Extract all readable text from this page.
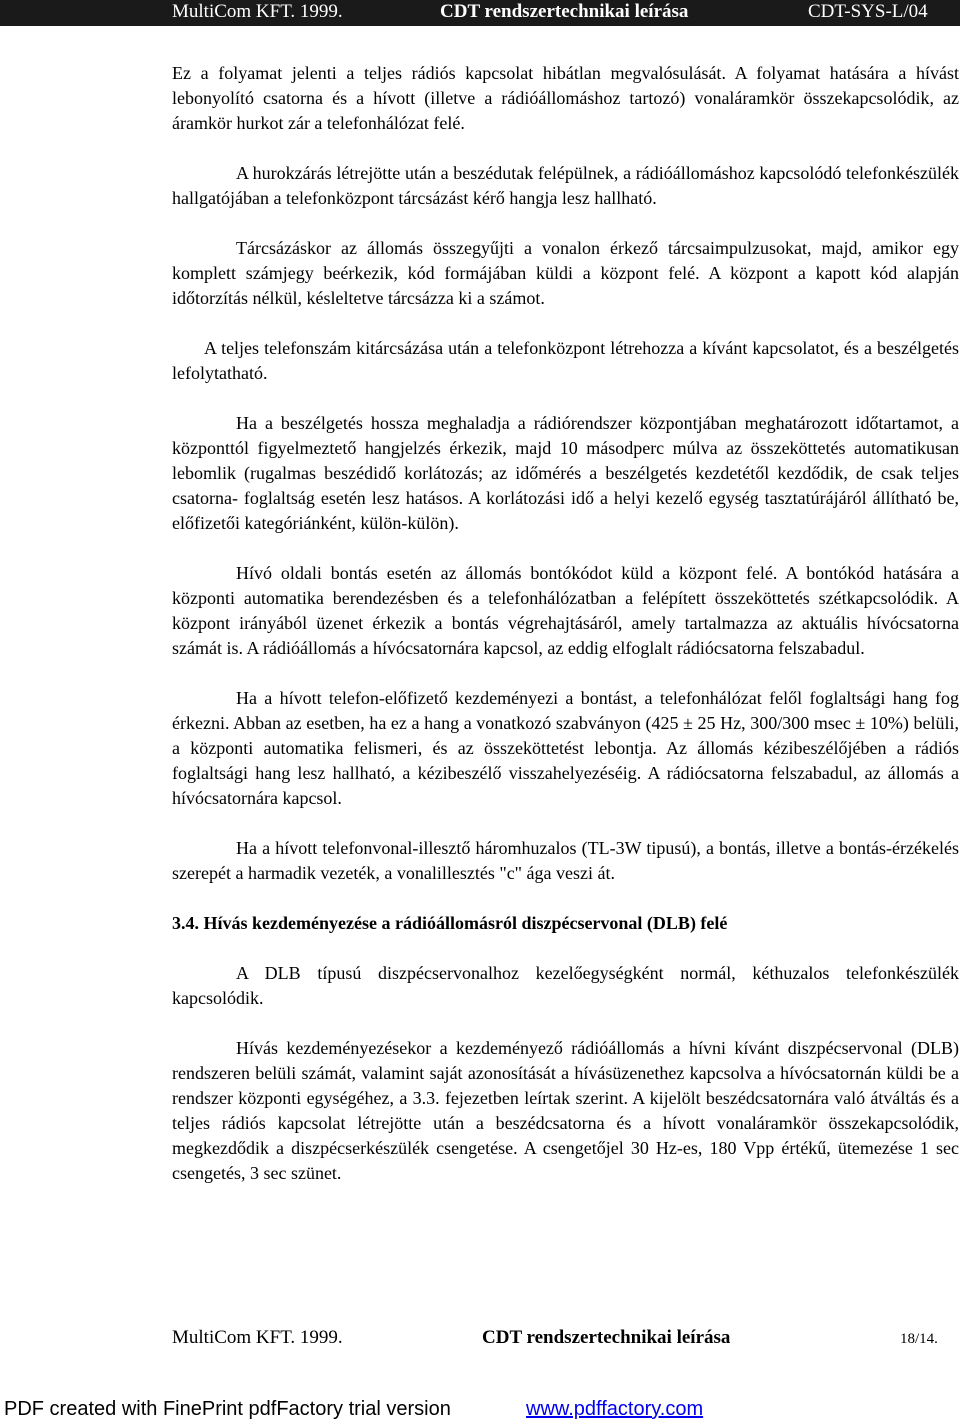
MultiCom KFT. 1999.	CDT rendszertechnikai leírása	CDT-SYS-L/04

Ez a folyamat jelenti a teljes rádiós kapcsolat hibátlan megvalósulását. A folyamat hatására a hívást lebonyolító csatorna és a hívott (illetve a rádióállomáshoz tartozó) vonaláramkör összekapcsolódik, az áramkör hurkot zár a telefonhálózat felé.

A hurokzárás létrejötte után a beszédutak felépülnek, a rádióállomáshoz kapcsolódó telefonkészülék hallgatójában a telefonközpont tárcsázást kérő hangja lesz hallható.

Tárcsázáskor az állomás összegyűjti a vonalon érkező tárcsaimpulzusokat, majd, amikor egy komplett számjegy beérkezik, kód formájában küldi a központ felé. A központ a kapott kód alapján időtorzítás nélkül, késleltetve tárcsázza ki a számot.

A teljes telefonszám kitárcsázása után a telefonközpont létrehozza a kívánt kapcsolatot, és a beszélgetés lefolytatható.

Ha a beszélgetés hossza meghaladja a rádiórendszer központjában meghatározott időtartamot, a központtól figyelmeztető hangjelzés érkezik, majd 10 másodperc múlva az összeköttetés automatikusan lebomlik (rugalmas beszédidő korlátozás; az időmérés a beszélgetés kezdetétől kezdődik, de csak teljes csatorna- foglaltság esetén lesz hatásos. A korlátozási idő a helyi kezelő egység tasztatúrájáról állítható be, előfizetői kategóriánként, külön-külön).

Hívó oldali bontás esetén az állomás bontókódot küld a központ felé. A bontókód hatására a központi automatika berendezésben és a telefonhálózatban a felépített összeköttetés szétkapcsolódik. A központ irányából üzenet érkezik a bontás végrehajtásáról, amely tartalmazza az aktuális hívócsatorna számát is. A rádióállomás a hívócsatornára kapcsol, az eddig elfoglalt rádiócsatorna felszabadul.

Ha a hívott telefon-előfizető kezdeményezi a bontást, a telefonhálózat felől foglaltsági hang fog érkezni. Abban az esetben, ha ez a hang a vonatkozó szabványon (425 ± 25 Hz, 300/300 msec ± 10%) belüli, a központi automatika felismeri, és az összeköttetést lebontja. Az állomás kézibeszélőjében a rádiós foglaltsági hang lesz hallható, a kézibeszélő visszahelyezéséig. A rádiócsatorna felszabadul, az állomás a hívócsatornára kapcsol.

Ha a hívott telefonvonal-illesztő háromhuzalos (TL-3W tipusú), a bontás, illetve a bontás-érzékelés szerepét a harmadik vezeték, a vonalillesztés "c" ága veszi át.

3.4. Hívás kezdeményezése a rádióállomásról diszpécservonal (DLB) felé

A DLB típusú diszpécservonalhoz kezelőegységként normál, kéthuzalos telefonkészülék kapcsolódik.

Hívás kezdeményezésekor a kezdeményező rádióállomás a hívni kívánt diszpécservonal (DLB) rendszeren belüli számát, valamint saját azonosítását a hívásüzenethez kapcsolva a hívócsatornán küldi be a rendszer központi egységéhez, a 3.3. fejezetben leírtak szerint. A kijelölt beszédcsatornára való átváltás és a teljes rádiós kapcsolat létrejötte után a beszédcsatorna és a hívott vonaláramkör összekapcsolódik, megkezdődik a diszpécserkészülék csengetése. A csengetőjel 30 Hz-es, 180 Vpp értékű, ütemezése 1 sec csengetés, 3 sec szünet.

MultiCom KFT. 1999.	CDT rendszertechnikai leírása	18/14.
PDF created with FinePrint pdfFactory trial version	www.pdffactory.com
